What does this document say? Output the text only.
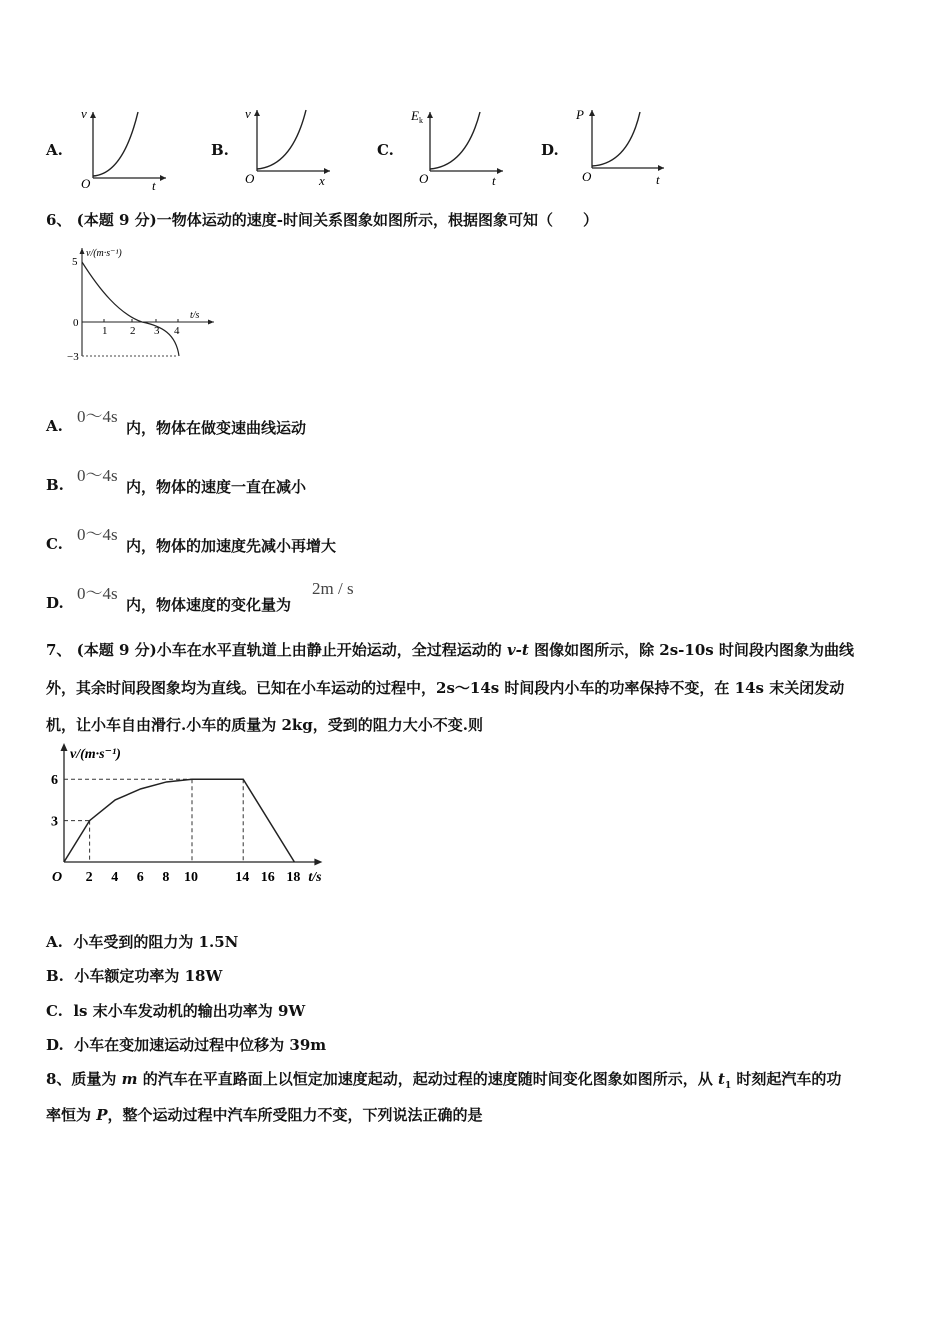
A.
v
O	t
B.
v
O	x
C.
$E_k$
O	t
D.
P
O	t
6、 (本题 9 分)一物体运动的速度-时间关系图象如图所示，根据图象可知（　　）
v/(m·s⁻¹)
t/s
5
0
−3
1 2 3 4
A. 0～4s
内，物体在做变速曲线运动
B. 0～4s
内，物体的速度一直在减小
C. 0～4s
内，物体的加速度先减小再增大
D. 0～4s
内，物体速度的变化量为
2m / s
7、 (本题 9 分)小车在水平直轨道上由静止开始运动，全过程运动的 v-t 图像如图所示，除 2s-10s 时间段内图象为曲线
外，其余时间段图象均为直线。已知在小车运动的过程中，2s～14s 时间段内小车的功率保持不变，在 14s 末关闭发动
机，让小车自由滑行.小车的质量为 2kg，受到的阻力大小不变.则
v/(m·s⁻¹)
t/s
O 2 4 6 8 10	14 16 18
3
6
A. 小车受到的阻力为 1.5N
B. 小车额定功率为 18W
C. ls 末小车发动机的输出功率为 9W
D. 小车在变加速运动过程中位移为 39m
8、质量为 m 的汽车在平直路面上以恒定加速度起动，起动过程的速度随时间变化图象如图所示，从 $t_1$ 时刻起汽车的功
率恒为 P，整个运动过程中汽车所受阻力不变，下列说法正确的是
